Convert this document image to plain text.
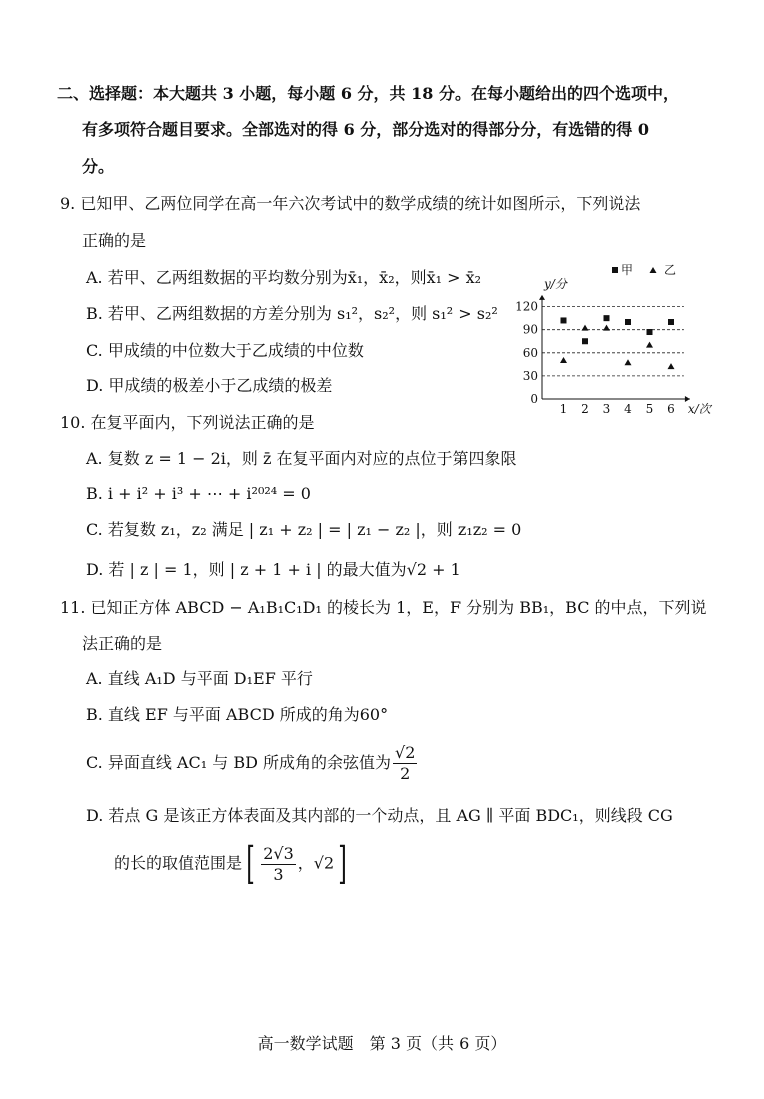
二、选择题：本大题共 3 小题，每小题 6 分，共 18 分。在每小题给出的四个选项中，
有多项符合题目要求。全部选对的得 6 分，部分选对的得部分分，有选错的得 0
分。
9. 已知甲、乙两位同学在高一年六次考试中的数学成绩的统计如图所示，下列说法
正确的是
A. 若甲、乙两组数据的平均数分别为x̄₁，x̄₂，则x̄₁ > x̄₂
B. 若甲、乙两组数据的方差分别为 s₁²，s₂²，则 s₁² > s₂²
C. 甲成绩的中位数大于乙成绩的中位数
D. 甲成绩的极差小于乙成绩的极差
0
30
60
90
120
1 2 3 4 5 6
y/分
x/次
甲	乙
10. 在复平面内，下列说法正确的是
A. 复数 z = 1 − 2i，则 z̄ 在复平面内对应的点位于第四象限
B. i + i² + i³ + ⋯ + i²⁰²⁴ = 0
C. 若复数 z₁，z₂ 满足 | z₁ + z₂ | = | z₁ − z₂ |，则 z₁z₂ = 0
D. 若 | z | = 1，则 | z + 1 + i | 的最大值为√2 + 1
11. 已知正方体 ABCD − A₁B₁C₁D₁ 的棱长为 1，E，F 分别为 BB₁，BC 的中点，下列说
法正确的是
A. 直线 A₁D 与平面 D₁EF 平行
B. 直线 EF 与平面 ABCD 所成的角为60°
C. 异面直线 AC₁ 与 BD 所成角的余弦值为 $\frac{√2}{2}$
D. 若点 G 是该正方体表面及其内部的一个动点，且 AG ∥ 平面 BDC₁，则线段 CG
的长的取值范围是[ $\frac{2√3}{3}$ ，√2]
高一数学试题　第 3 页（共 6 页）
